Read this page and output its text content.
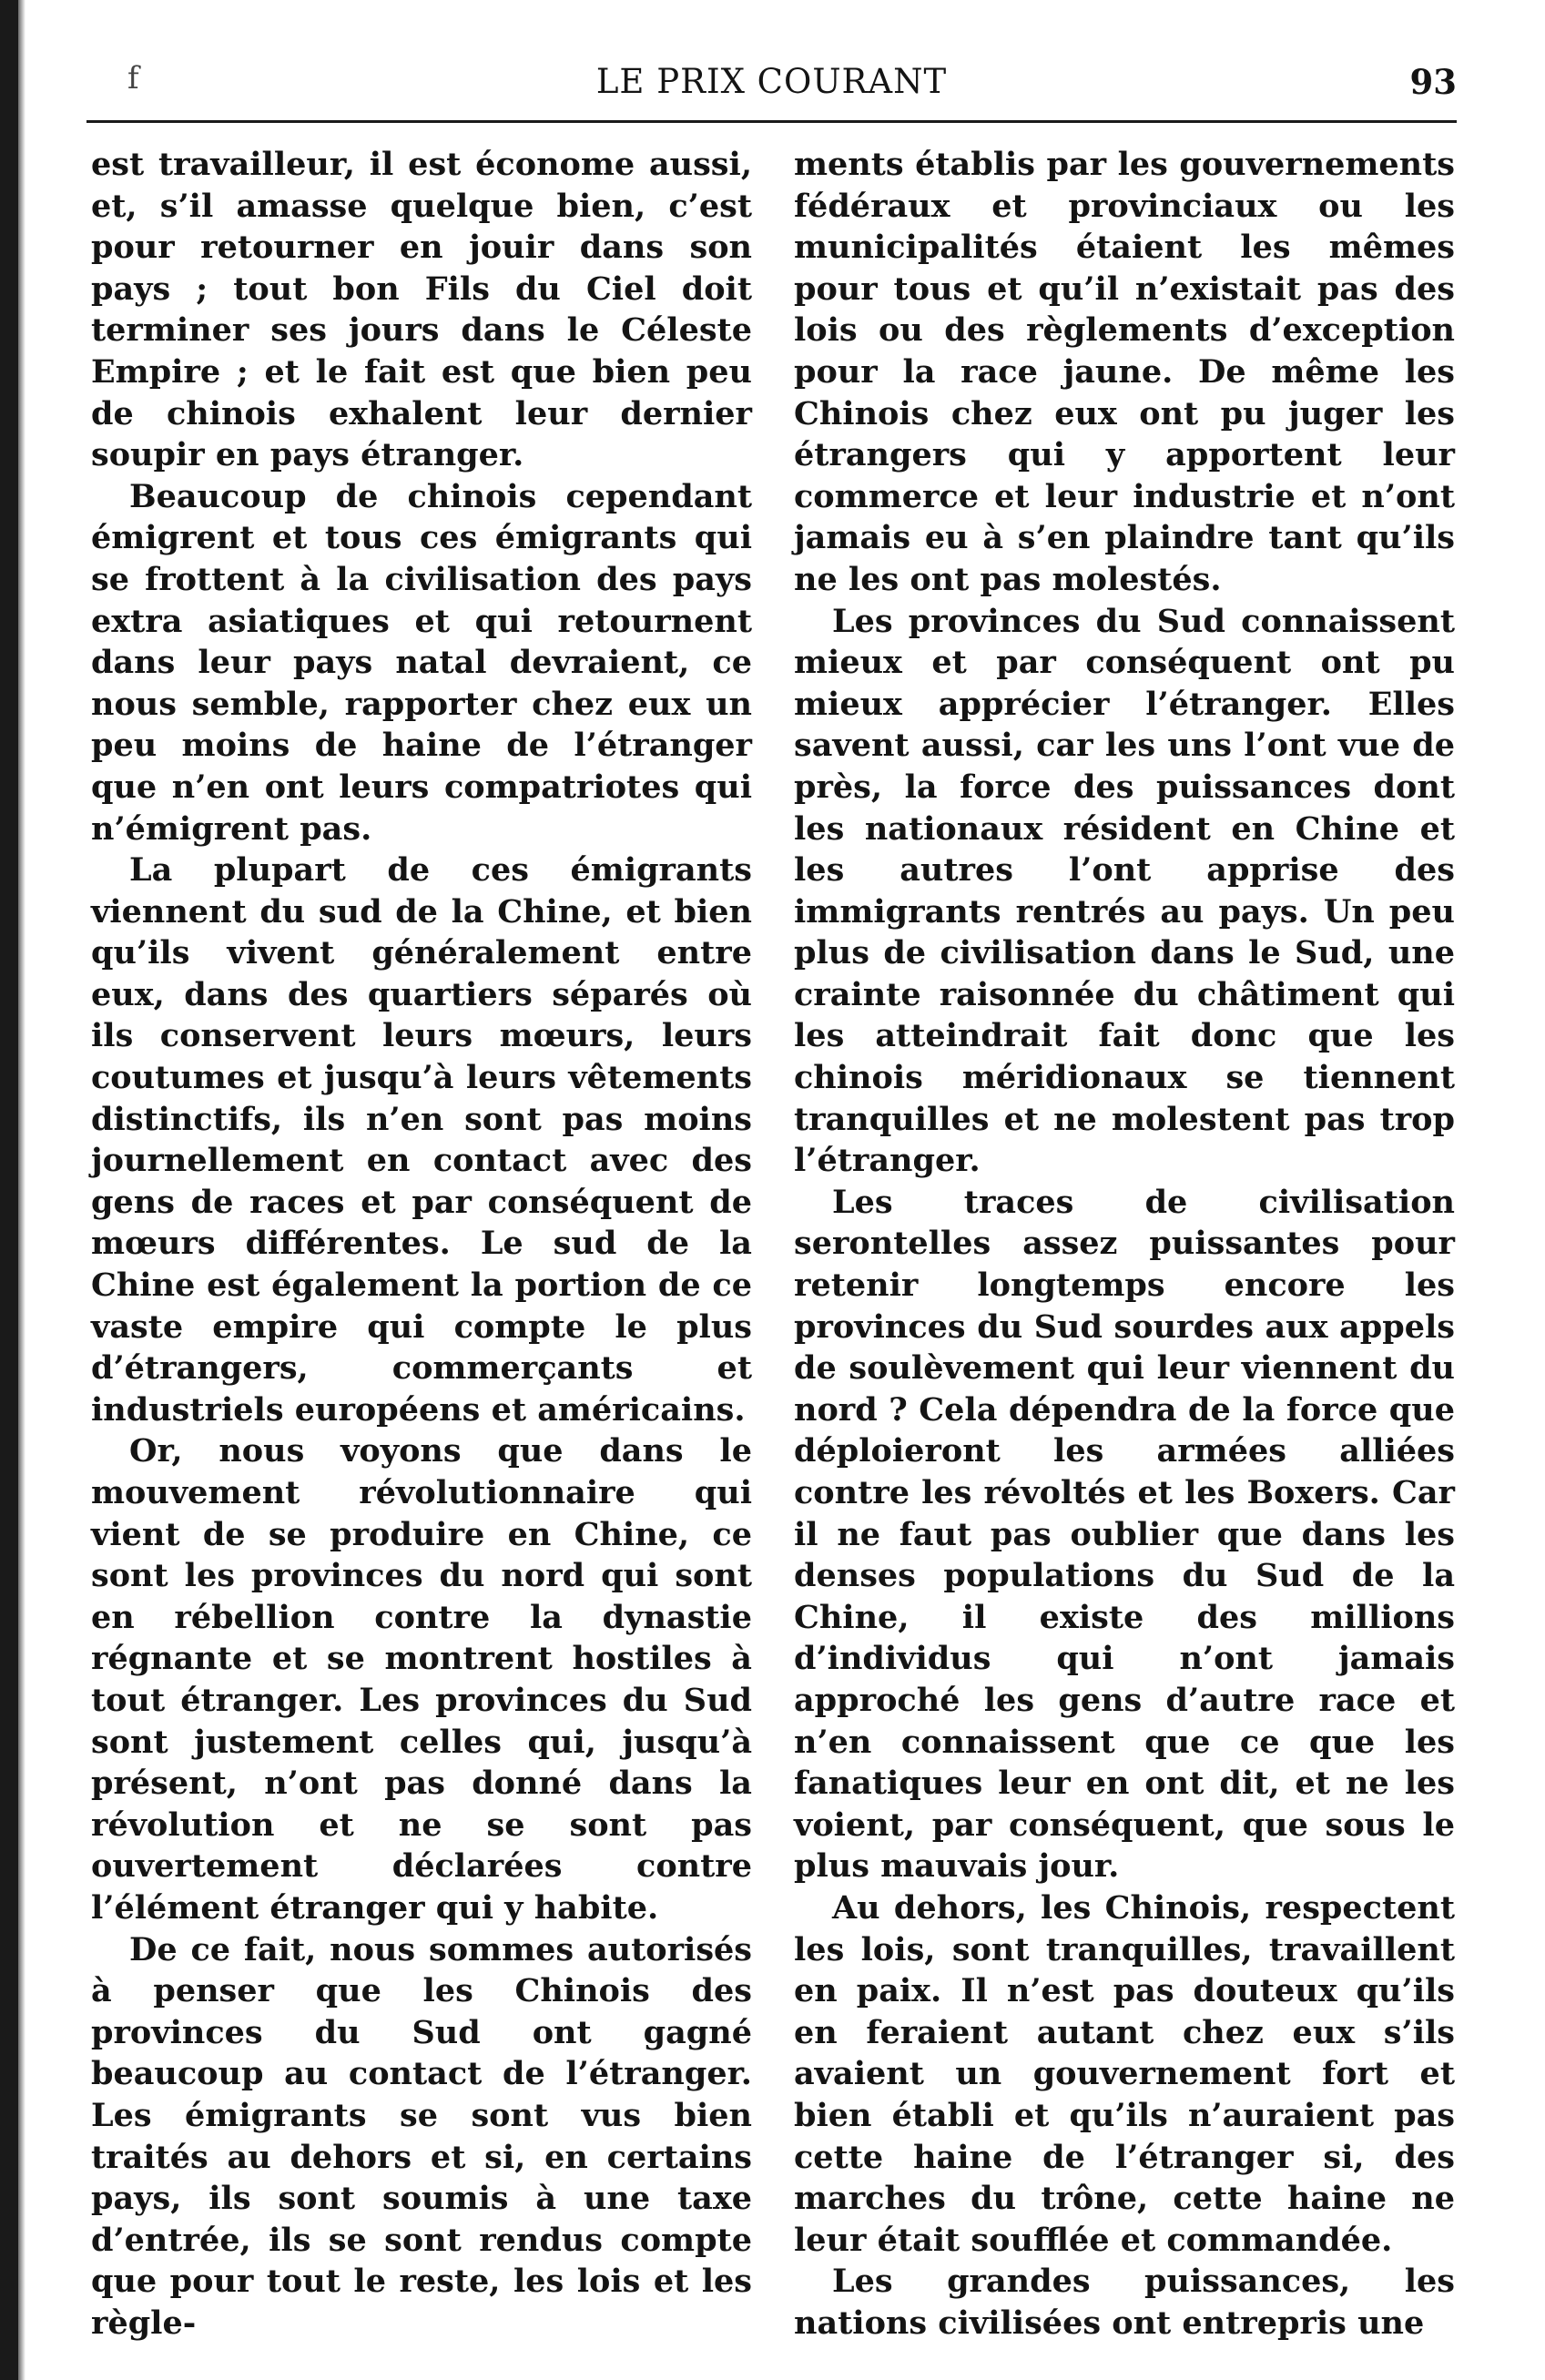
f	LE PRIX COURANT	93

est travailleur, il est économe aussi, et, s’il amasse quelque bien, c’est pour retourner en jouir dans son pays ; tout bon Fils du Ciel doit terminer ses jours dans le Céleste Empire ; et le fait est que bien peu de chinois exhalent leur dernier soupir en pays étranger.

Beaucoup de chinois cependant émigrent et tous ces émigrants qui se frottent à la civilisation des pays extra asiatiques et qui retournent dans leur pays natal devraient, ce nous semble, rapporter chez eux un peu moins de haine de l’étranger que n’en ont leurs compatriotes qui n’émigrent pas.

La plupart de ces émigrants viennent du sud de la Chine, et bien qu’ils vivent généralement entre eux, dans des quartiers séparés où ils conservent leurs mœurs, leurs coutumes et jusqu’à leurs vêtements distinctifs, ils n’en sont pas moins journellement en contact avec des gens de races et par conséquent de mœurs différentes. Le sud de la Chine est également la portion de ce vaste empire qui compte le plus d’étrangers, commerçants et industriels européens et américains.

Or, nous voyons que dans le mouvement révolutionnaire qui vient de se produire en Chine, ce sont les provinces du nord qui sont en rébellion contre la dynastie régnante et se montrent hostiles à tout étranger. Les provinces du Sud sont justement celles qui, jusqu’à présent, n’ont pas donné dans la révolution et ne se sont pas ouvertement déclarées contre l’élément étranger qui y habite.

De ce fait, nous sommes autorisés à penser que les Chinois des provinces du Sud ont gagné beaucoup au contact de l’étranger. Les émigrants se sont vus bien traités au dehors et si, en certains pays, ils sont soumis à une taxe d’entrée, ils se sont rendus compte que pour tout le reste, les lois et les règle-

ments établis par les gouvernements fédéraux et provinciaux ou les municipalités étaient les mêmes pour tous et qu’il n’existait pas des lois ou des règlements d’exception pour la race jaune. De même les Chinois chez eux ont pu juger les étrangers qui y apportent leur commerce et leur industrie et n’ont jamais eu à s’en plaindre tant qu’ils ne les ont pas molestés.

Les provinces du Sud connaissent mieux et par conséquent ont pu mieux apprécier l’étranger. Elles savent aussi, car les uns l’ont vue de près, la force des puissances dont les nationaux résident en Chine et les autres l’ont apprise des immigrants rentrés au pays. Un peu plus de civilisation dans le Sud, une crainte raisonnée du châtiment qui les atteindrait fait donc que les chinois méridionaux se tiennent tranquilles et ne molestent pas trop l’étranger.

Les traces de civilisation serontelles assez puissantes pour retenir longtemps encore les provinces du Sud sourdes aux appels de soulèvement qui leur viennent du nord ? Cela dépendra de la force que déploieront les armées alliées contre les révoltés et les Boxers. Car il ne faut pas oublier que dans les denses populations du Sud de la Chine, il existe des millions d’individus qui n’ont jamais approché les gens d’autre race et n’en connaissent que ce que les fanatiques leur en ont dit, et ne les voient, par conséquent, que sous le plus mauvais jour.

Au dehors, les Chinois, respectent les lois, sont tranquilles, travaillent en paix. Il n’est pas douteux qu’ils en feraient autant chez eux s’ils avaient un gouvernement fort et bien établi et qu’ils n’auraient pas cette haine de l’étranger si, des marches du trône, cette haine ne leur était soufflée et commandée.

Les grandes puissances, les nations civilisées ont entrepris une
